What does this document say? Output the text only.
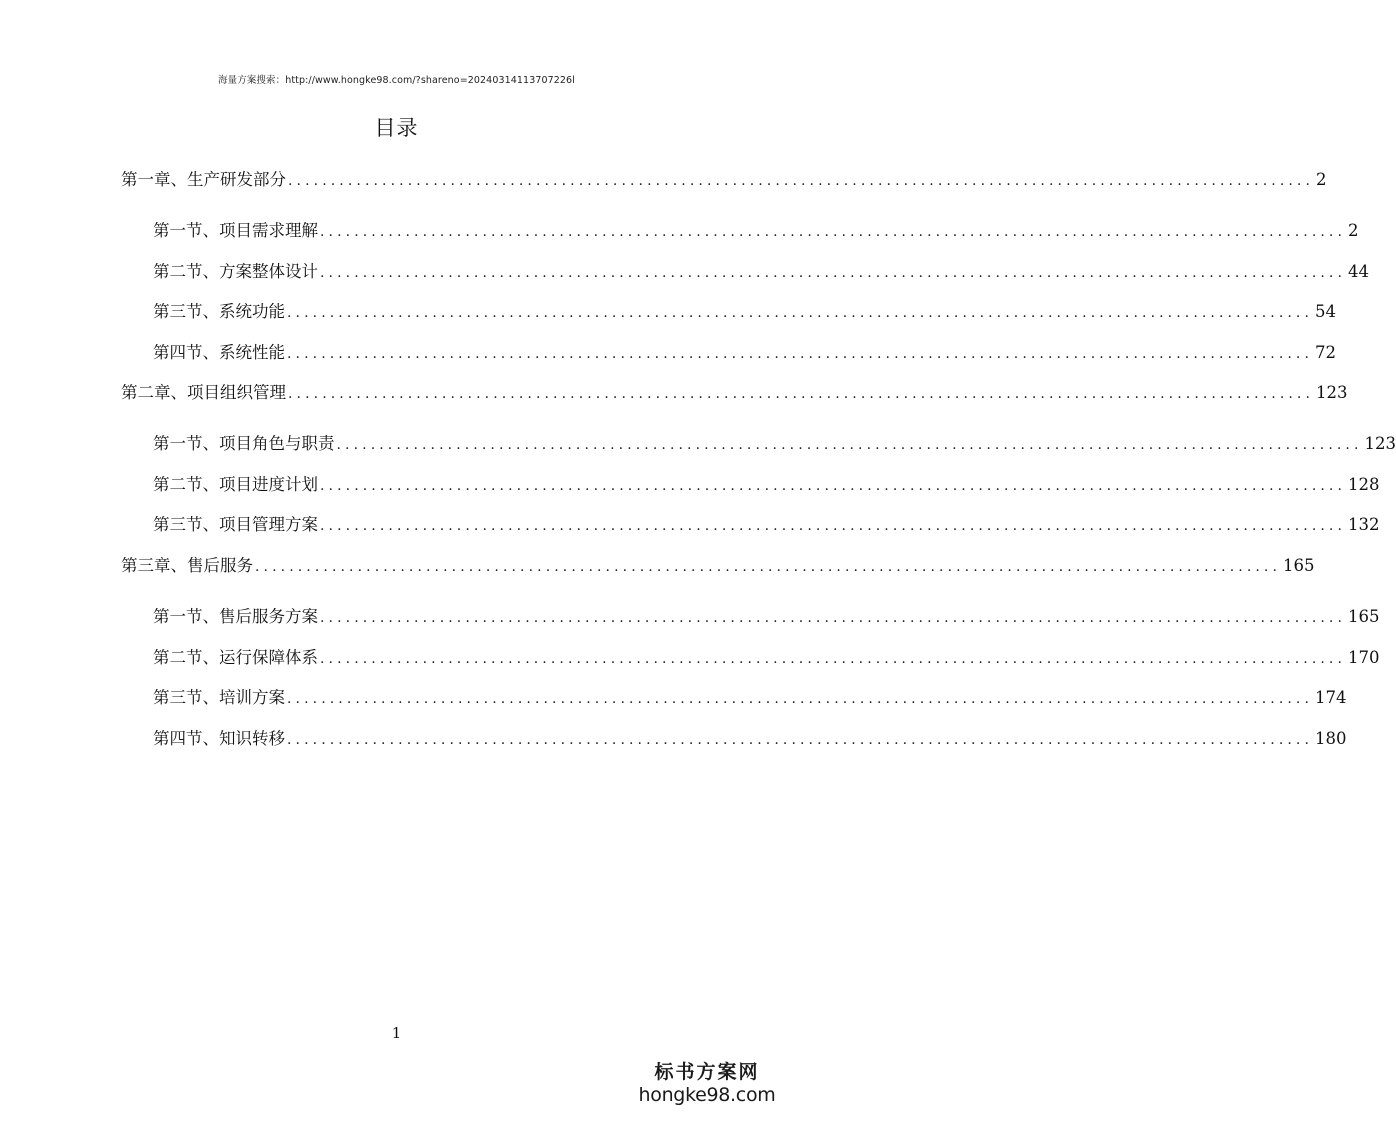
海量方案搜索：http://www.hongke98.com/?shareno=20240314113707226l
目录
第一章、生产研发部分 ........................................................................................................................ 2
第一节、项目需求理解 ........................................................................................................................ 2
第二节、方案整体设计 ........................................................................................................................ 44
第三节、系统功能 ........................................................................................................................ 54
第四节、系统性能 ........................................................................................................................ 72
第二章、项目组织管理 ........................................................................................................................ 123
第一节、项目角色与职责 ........................................................................................................................ 123
第二节、项目进度计划 ........................................................................................................................ 128
第三节、项目管理方案 ........................................................................................................................ 132
第三章、售后服务 ........................................................................................................................ 165
第一节、售后服务方案 ........................................................................................................................ 165
第二节、运行保障体系 ........................................................................................................................ 170
第三节、培训方案 ........................................................................................................................ 174
第四节、知识转移 ........................................................................................................................ 180
1
标书方案网
hongke98.com
